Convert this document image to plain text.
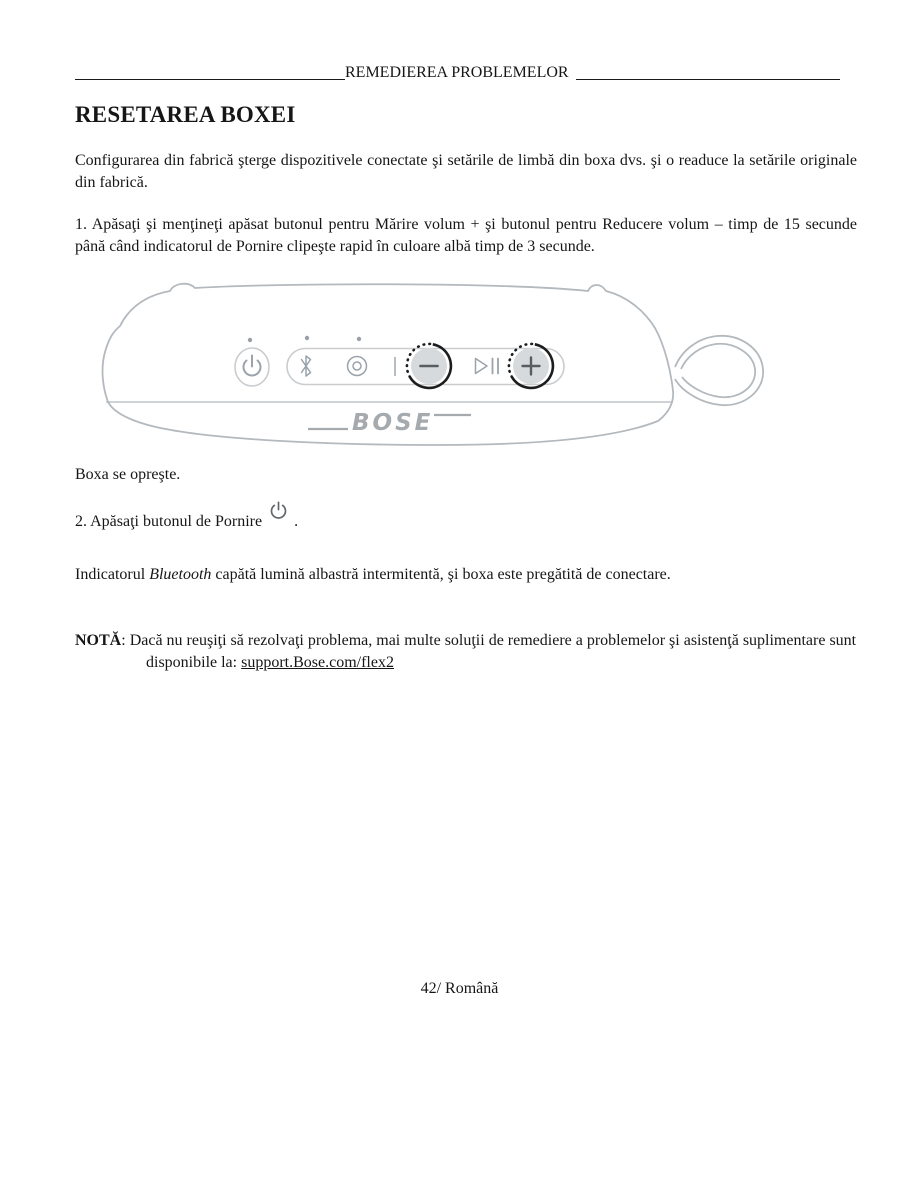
REMEDIEREA PROBLEMELOR
RESETAREA BOXEI

Configurarea din fabrică şterge dispozitivele conectate şi setările de limbă din boxa dvs. şi o readuce la setările originale din fabrică.

1. Apăsaţi şi menţineţi apăsat butonul pentru Mărire volum + şi butonul pentru Reducere volum – timp de 15 secunde până când indicatorul de Pornire clipeşte rapid în culoare albă timp de 3 secunde.

BOSE

Boxa se opreşte.

2. Apăsaţi butonul de Pornire .

Indicatorul Bluetooth capătă lumină albastră intermitentă, şi boxa este pregătită de conectare.

NOTĂ: Dacă nu reuşiţi să rezolvaţi problema, mai multe soluţii de remediere a problemelor şi asistenţă suplimentare sunt disponibile la: support.Bose.com/flex2

42/ Română
